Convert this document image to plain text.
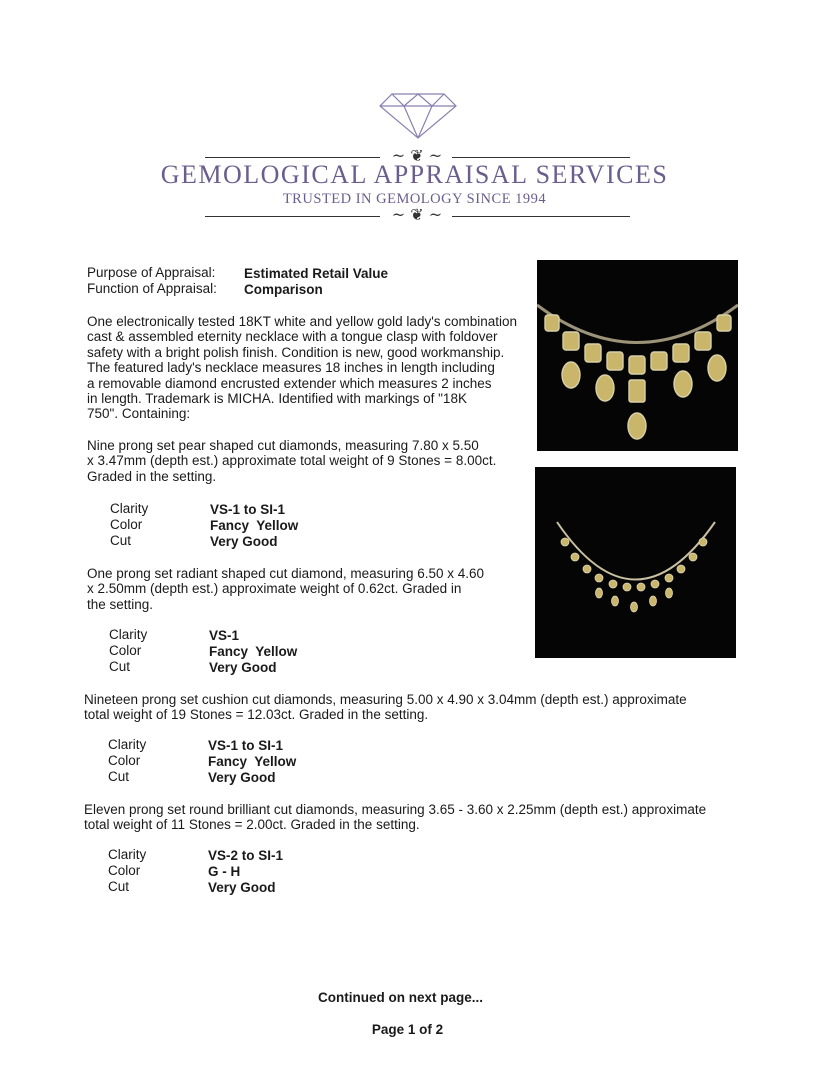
~ ❦ ~
GEMOLOGICAL APPRAISAL SERVICES
TRUSTED IN GEMOLOGY SINCE 1994
~ ❦ ~
Purpose of Appraisal: Estimated Retail Value
Function of Appraisal: Comparison
One electronically tested 18KT white and yellow gold lady's combination
cast & assembled eternity necklace with a tongue clasp with foldover
safety with a bright polish finish. Condition is new, good workmanship.
The featured lady's necklace measures 18 inches in length including
a removable diamond encrusted extender which measures 2 inches
in length. Trademark is MICHA. Identified with markings of "18K
750". Containing:
Nine prong set pear shaped cut diamonds, measuring 7.80 x 5.50
x 3.47mm (depth est.) approximate total weight of 9 Stones = 8.00ct.
Graded in the setting.
Clarity	VS-1 to SI-1
Color	Fancy  Yellow
Cut	Very Good
One prong set radiant shaped cut diamond, measuring 6.50 x 4.60
x 2.50mm (depth est.) approximate weight of 0.62ct. Graded in
the setting.
Clarity	VS-1
Color	Fancy  Yellow
Cut	Very Good
Nineteen prong set cushion cut diamonds, measuring 5.00 x 4.90 x 3.04mm (depth est.) approximate
total weight of 19 Stones = 12.03ct. Graded in the setting.
Clarity	VS-1 to SI-1
Color	Fancy  Yellow
Cut	Very Good
Eleven prong set round brilliant cut diamonds, measuring 3.65 - 3.60 x 2.25mm (depth est.) approximate
total weight of 11 Stones = 2.00ct. Graded in the setting.
Clarity	VS-2 to SI-1
Color	G - H
Cut	Very Good
Continued on next page...
Page 1 of 2
